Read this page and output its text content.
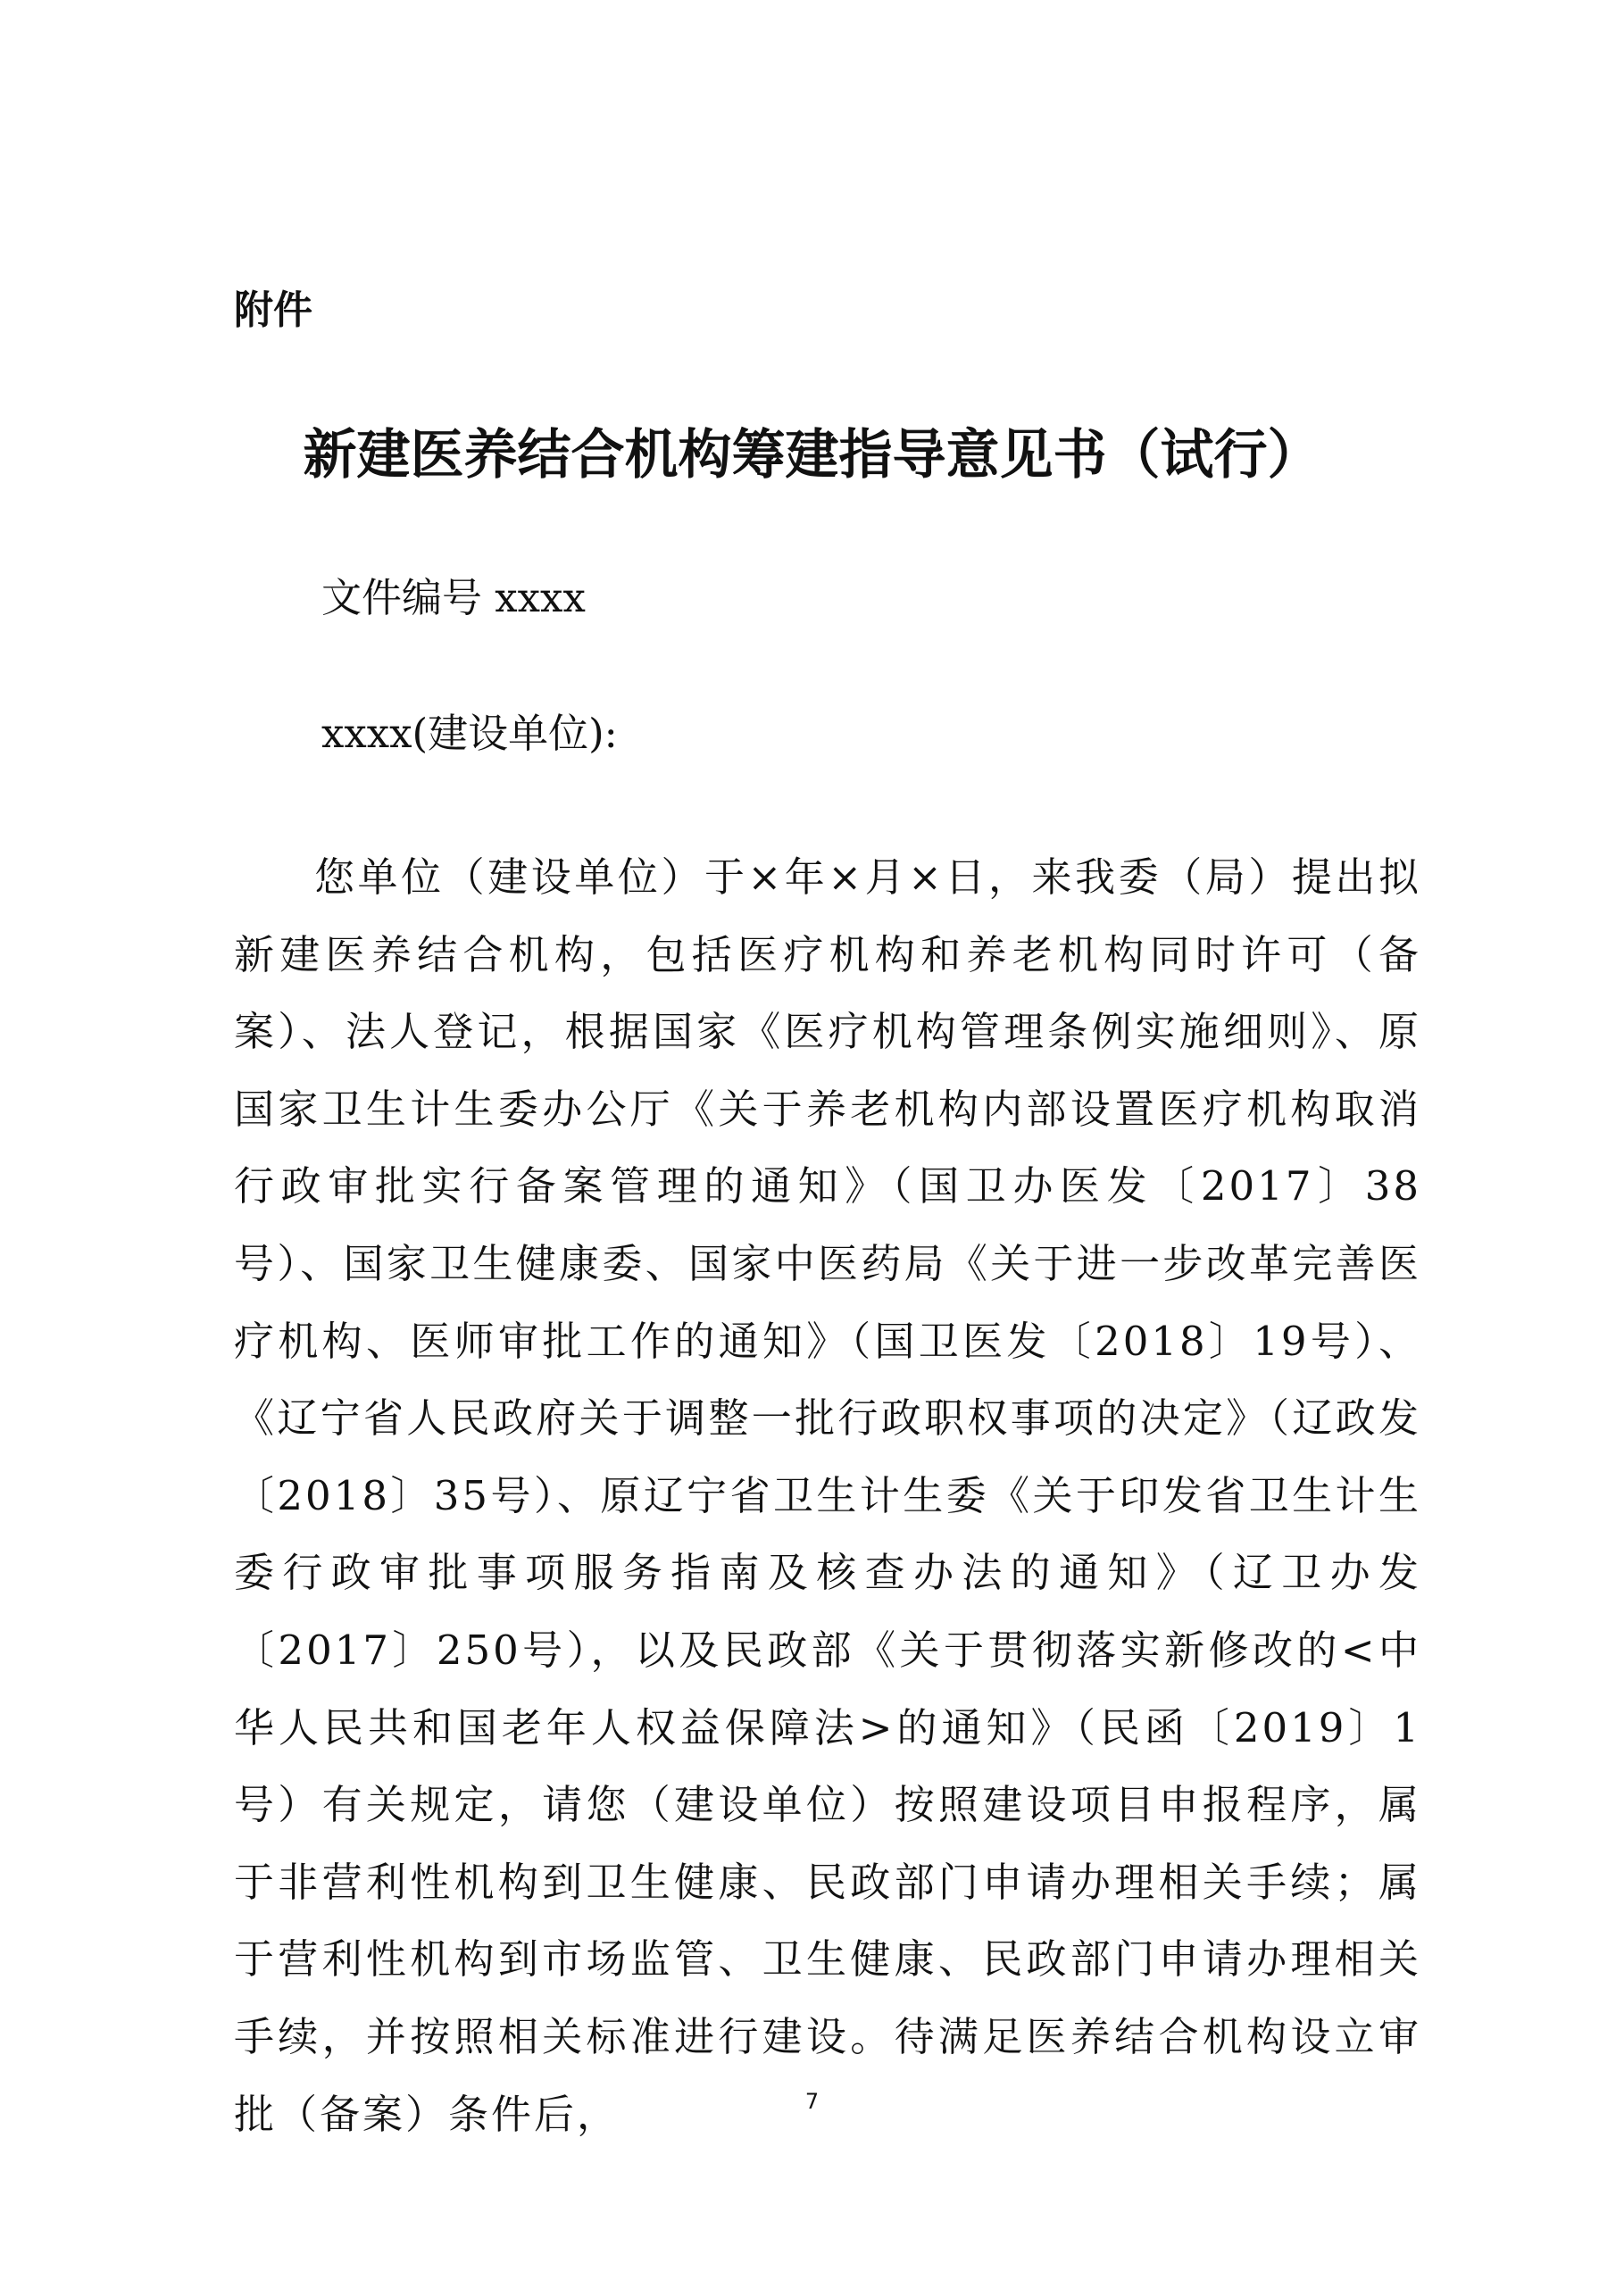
附件
新建医养结合机构筹建指导意见书（试行）
文件编号 xxxx
xxxx(建设单位):

您单位（建设单位）于×年×月×日，来我委（局）提出拟新建医养结合机构，包括医疗机构和养老机构同时许可（备案）、法人登记，根据国家《医疗机构管理条例实施细则》、原国家卫生计生委办公厅《关于养老机构内部设置医疗机构取消行政审批实行备案管理的通知》（国卫办医发〔2017〕38号）、国家卫生健康委、国家中医药局《关于进一步改革完善医疗机构、医师审批工作的通知》（国卫医发〔2018〕19号）、《辽宁省人民政府关于调整一批行政职权事项的决定》（辽政发〔2018〕35号）、原辽宁省卫生计生委《关于印发省卫生计生委行政审批事项服务指南及核查办法的通知》（辽卫办发〔2017〕250号），以及民政部《关于贯彻落实新修改的<中华人民共和国老年人权益保障法>的通知》（民函〔2019〕1号）有关规定，请您（建设单位）按照建设项目申报程序，属于非营利性机构到卫生健康、民政部门申请办理相关手续；属于营利性机构到市场监管、卫生健康、民政部门申请办理相关手续，并按照相关标准进行建设。待满足医养结合机构设立审批（备案）条件后，	7
